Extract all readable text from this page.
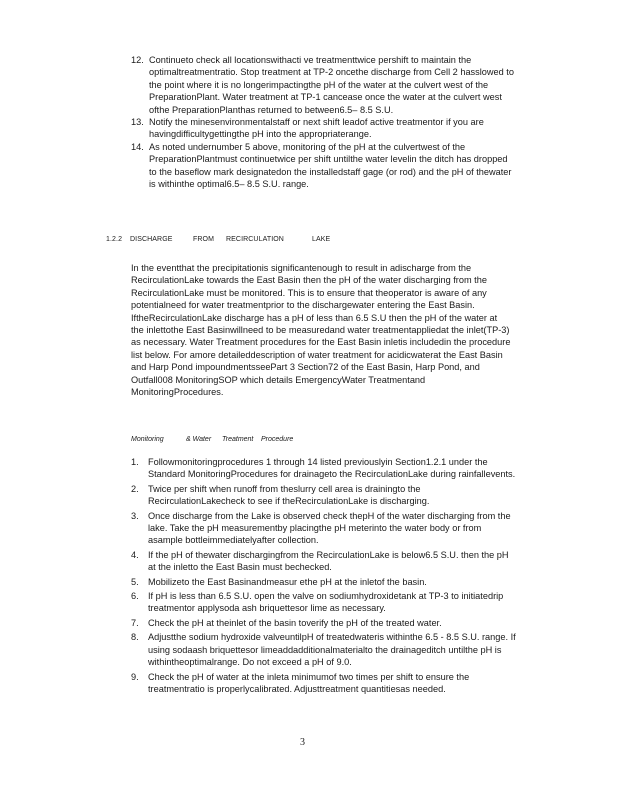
12. Continueto check all locationswithacti ve treatmenttwice pershift to maintain the optimaltreatmentratio. Stop treatment at TP-2 oncethe discharge from Cell 2 hasslowed to the point where it is no longerimpactingthe pH of the water at the culvert west of the PreparationPlant. Water treatment at TP-1 cancease once the water at the culvert west ofthe PreparationPlanthas returned to between6.5– 8.5 S.U.

13. Notify the minesenvironmentalstaff or next shift leadof active treatmentor if you are havingdifficultygettingthe pH into the appropriaterange.

14. As noted undernumber 5 above, monitoring of the pH at the culvertwest of the PreparationPlantmust continuetwice per shift untilthe water levelin the ditch has dropped to the baseflow mark designatedon the installedstaff gage (or rod) and the pH of thewater is withinthe optimal6.5– 8.5 S.U. range.

1.2.2 DISCHARGE	FROM RECIRCULATION	LAKE

In the eventthat the precipitationis significantenough to result in adischarge from the RecirculationLake towards the East Basin then the pH of the water discharging from the RecirculationLake must be monitored. This is to ensure that theoperator is aware of any potentialneed for water treatmentprior to the dischargewater entering the East Basin. IftheRecirculationLake discharge has a pH of less than 6.5 S.U then the pH of the water at the inlettothe East Basinwillneed to be measuredand water treatmentappliedat the inlet(TP-3) as necessary. Water Treatment procedures for the East Basin inletis includedin the procedure list below. For amore detaileddescription of water treatment for acidicwaterat the East Basin and Harp Pond impoundmentsseePart 3 Section72 of the East Basin, Harp Pond, and Outfall008 MonitoringSOP which details EmergencyWater Treatmentand MonitoringProcedures.

Monitoring	& Water Treatment Procedure

1. Followmonitoringprocedures 1 through 14 listed previouslyin Section1.2.1 under the Standard MonitoringProcedures for drainageto the RecirculationLake during rainfallevents.

2. Twice per shift when runoff from theslurry cell area is drainingto the RecirculationLakecheck to see if theRecirculationLake is discharging.

3. Once discharge from the Lake is observed check thepH of the water discharging from the lake. Take the pH measurementby placingthe pH meterinto the water body or from asample bottleimmediatelyafter collection.

4. If the pH of thewater dischargingfrom the RecirculationLake is below6.5 S.U. then the pH at the inletto the East Basin must bechecked.

5. Mobilizeto the East Basinandmeasur ethe pH at the inletof the basin.

6. If pH is less than 6.5 S.U. open the valve on sodiumhydroxidetank at TP-3 to initiatedrip treatmentor applysoda ash briquettesor lime as necessary.

7. Check the pH at theinlet of the basin toverify the pH of the treated water.

8. Adjustthe sodium hydroxide valveuntilpH of treatedwateris withinthe 6.5 - 8.5 S.U. range. If using sodaash briquettesor limeaddadditionalmaterialto the drainageditch untilthe pH is withintheoptimalrange. Do not exceed a pH of 9.0.

9. Check the pH of water at the inleta minimumof two times per shift to ensure the treatmentratio is properlycalibrated. Adjusttreatment quantitiesas needed.

3
